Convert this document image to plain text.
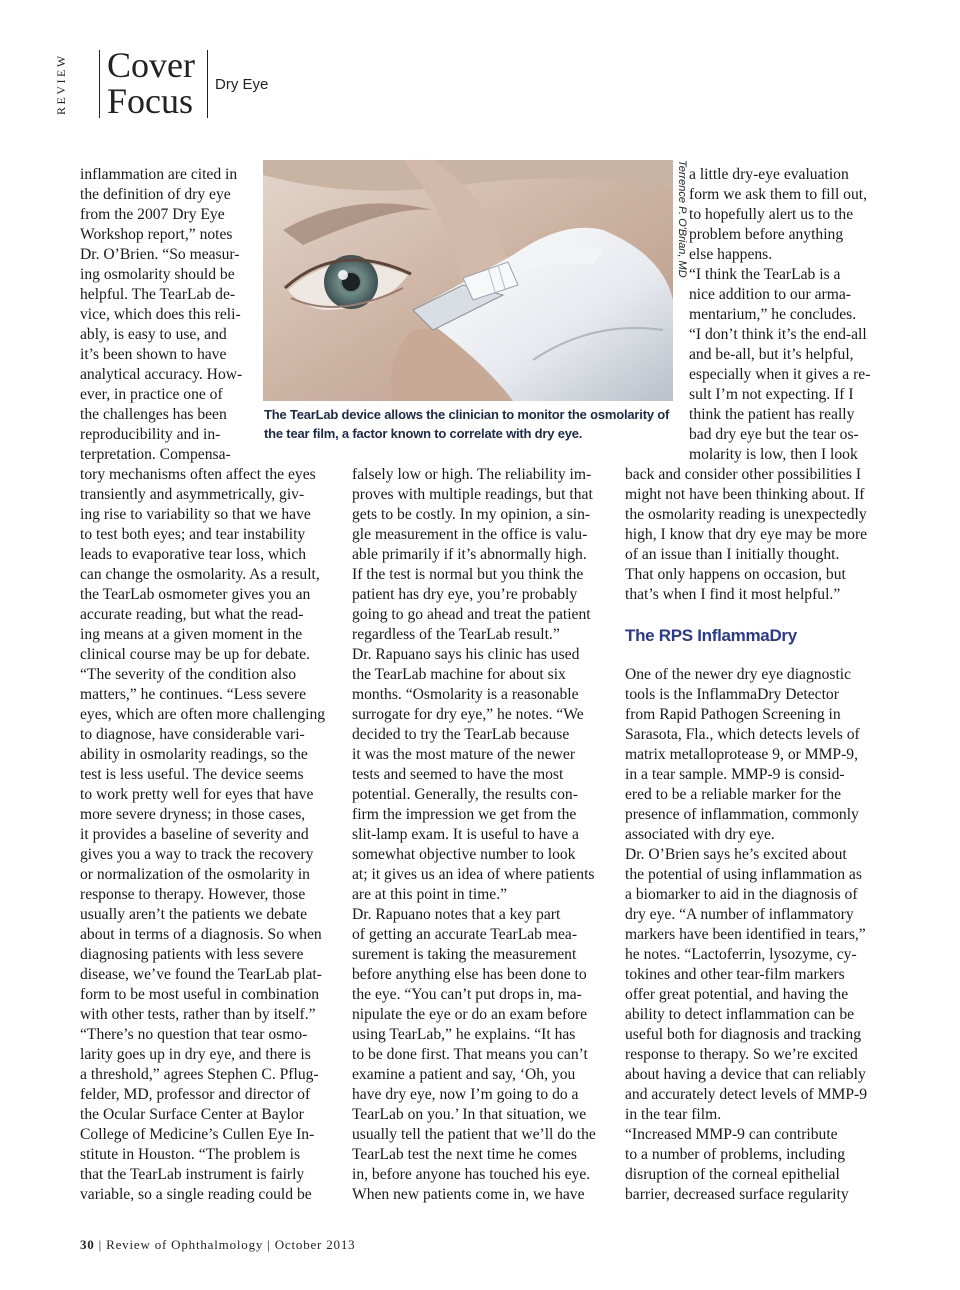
REVIEW Cover
Focus Dry Eye
Terrence P. O'Brian, MD
The TearLab device allows the clinician to monitor the osmolarity of
the tear film, a factor known to correlate with dry eye.
inflammation are cited in
the definition of dry eye
from the 2007 Dry Eye
Workshop report,” notes
Dr. O’Brien. “So measur-
ing osmolarity should be
helpful. The TearLab de-
vice, which does this reli-
ably, is easy to use, and
it’s been shown to have
analytical accuracy. How-
ever, in practice one of
the challenges has been
reproducibility and in-
terpretation. Compensa-
tory mechanisms often affect the eyes
transiently and asymmetrically, giv-
ing rise to variability so that we have
to test both eyes; and tear instability
leads to evaporative tear loss, which
can change the osmolarity. As a result,
the TearLab osmometer gives you an
accurate reading, but what the read-
ing means at a given moment in the
clinical course may be up for debate.
“The severity of the condition also
matters,” he continues. “Less severe
eyes, which are often more challenging
to diagnose, have considerable vari-
ability in osmolarity readings, so the
test is less useful. The device seems
to work pretty well for eyes that have
more severe dryness; in those cases,
it provides a baseline of severity and
gives you a way to track the recovery
or normalization of the osmolarity in
response to therapy. However, those
usually aren’t the patients we debate
about in terms of a diagnosis. So when
diagnosing patients with less severe
disease, we’ve found the TearLab plat-
form to be most useful in combination
with other tests, rather than by itself.”
“There’s no question that tear osmo-
larity goes up in dry eye, and there is
a threshold,” agrees Stephen C. Pflug-
felder, MD, professor and director of
the Ocular Surface Center at Baylor
College of Medicine’s Cullen Eye In-
stitute in Houston. “The problem is
that the TearLab instrument is fairly
variable, so a single reading could be
falsely low or high. The reliability im-
proves with multiple readings, but that
gets to be costly. In my opinion, a sin-
gle measurement in the office is valu-
able primarily if it’s abnormally high.
If the test is normal but you think the
patient has dry eye, you’re probably
going to go ahead and treat the patient
regardless of the TearLab result.”
Dr. Rapuano says his clinic has used
the TearLab machine for about six
months. “Osmolarity is a reasonable
surrogate for dry eye,” he notes. “We
decided to try the TearLab because
it was the most mature of the newer
tests and seemed to have the most
potential. Generally, the results con-
firm the impression we get from the
slit-lamp exam. It is useful to have a
somewhat objective number to look
at; it gives us an idea of where patients
are at this point in time.”
Dr. Rapuano notes that a key part
of getting an accurate TearLab mea-
surement is taking the measurement
before anything else has been done to
the eye. “You can’t put drops in, ma-
nipulate the eye or do an exam before
using TearLab,” he explains. “It has
to be done first. That means you can’t
examine a patient and say, ‘Oh, you
have dry eye, now I’m going to do a
TearLab on you.’ In that situation, we
usually tell the patient that we’ll do the
TearLab test the next time he comes
in, before anyone has touched his eye.
When new patients come in, we have
a little dry-eye evaluation
form we ask them to fill out,
to hopefully alert us to the
problem before anything
else happens.
“I think the TearLab is a
nice addition to our arma-
mentarium,” he concludes.
“I don’t think it’s the end-all
and be-all, but it’s helpful,
especially when it gives a re-
sult I’m not expecting. If I
think the patient has really
bad dry eye but the tear os-
molarity is low, then I look
back and consider other possibilities I
might not have been thinking about. If
the osmolarity reading is unexpectedly
high, I know that dry eye may be more
of an issue than I initially thought.
That only happens on occasion, but
that’s when I find it most helpful.”
The RPS InflammaDry
One of the newer dry eye diagnostic
tools is the InflammaDry Detector
from Rapid Pathogen Screening in
Sarasota, Fla., which detects levels of
matrix metalloprotease 9, or MMP-9,
in a tear sample. MMP-9 is consid-
ered to be a reliable marker for the
presence of inflammation, commonly
associated with dry eye.
Dr. O’Brien says he’s excited about
the potential of using inflammation as
a biomarker to aid in the diagnosis of
dry eye. “A number of inflammatory
markers have been identified in tears,”
he notes. “Lactoferrin, lysozyme, cy-
tokines and other tear-film markers
offer great potential, and having the
ability to detect inflammation can be
useful both for diagnosis and tracking
response to therapy. So we’re excited
about having a device that can reliably
and accurately detect levels of MMP-9
in the tear film.
“Increased MMP-9 can contribute
to a number of problems, including
disruption of the corneal epithelial
barrier, decreased surface regularity
30 | Review of Ophthalmology | October 2013
